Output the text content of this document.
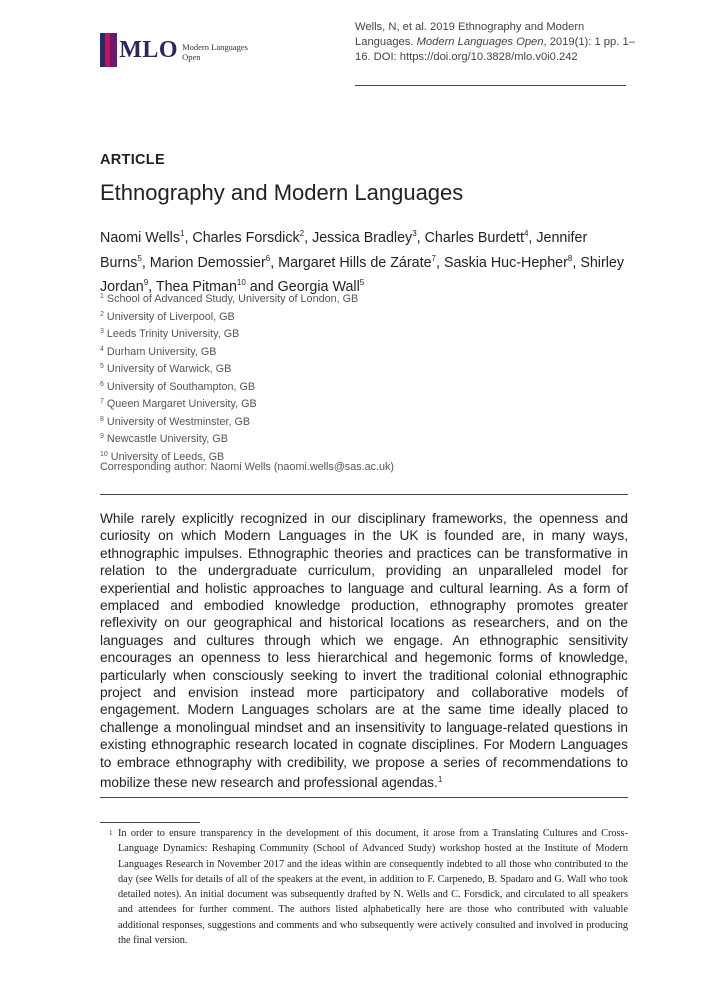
MLO Modern Languages Open
Wells, N, et al. 2019 Ethnography and Modern Languages. Modern Languages Open, 2019(1): 1 pp. 1–16. DOI: https://doi.org/10.3828/mlo.v0i0.242
ARTICLE
Ethnography and Modern Languages
Naomi Wells$^1$, Charles Forsdick$^2$, Jessica Bradley$^3$, Charles Burdett$^4$, Jennifer Burns$^5$, Marion Demossier$^6$, Margaret Hills de Zárate$^7$, Saskia Huc-Hepher$^8$, Shirley Jordan$^9$, Thea Pitman$^{10}$ and Georgia Wall$^5$
$^1$ School of Advanced Study, University of London, GB
$^2$ University of Liverpool, GB
$^3$ Leeds Trinity University, GB
$^4$ Durham University, GB
$^5$ University of Warwick, GB
$^6$ University of Southampton, GB
$^7$ Queen Margaret University, GB
$^8$ University of Westminster, GB
$^9$ Newcastle University, GB
$^{10}$ University of Leeds, GB
Corresponding author: Naomi Wells (naomi.wells@sas.ac.uk)
While rarely explicitly recognized in our disciplinary frameworks, the openness and curiosity on which Modern Languages in the UK is founded are, in many ways, ethnographic impulses. Ethnographic theories and practices can be transformative in relation to the undergraduate curriculum, providing an unparalleled model for experiential and holistic approaches to language and cultural learning. As a form of emplaced and embodied knowledge production, ethnography promotes greater reflexivity on our geographical and historical locations as researchers, and on the languages and cultures through which we engage. An ethnographic sensitivity encourages an openness to less hierarchical and hegemonic forms of knowledge, particularly when consciously seeking to invert the traditional colonial ethnographic project and envision instead more participatory and collaborative models of engagement. Modern Languages scholars are at the same time ideally placed to challenge a monolingual mindset and an insensitivity to language-related questions in existing ethnographic research located in cognate disciplines. For Modern Languages to embrace ethnography with credibility, we propose a series of recommendations to mobilize these new research and professional agendas.$^1$
1 In order to ensure transparency in the development of this document, it arose from a Translating Cultures and Cross-Language Dynamics: Reshaping Community (School of Advanced Study) workshop hosted at the Institute of Modern Languages Research in November 2017 and the ideas within are consequently indebted to all those who contributed to the day (see Wells for details of all of the speakers at the event, in addition to F. Carpenedo, B. Spadaro and G. Wall who took detailed notes). An initial document was subsequently drafted by N. Wells and C. Forsdick, and circulated to all speakers and attendees for further comment. The authors listed alphabetically here are those who contributed with valuable additional responses, suggestions and comments and who subsequently were actively consulted and involved in producing the final version.
